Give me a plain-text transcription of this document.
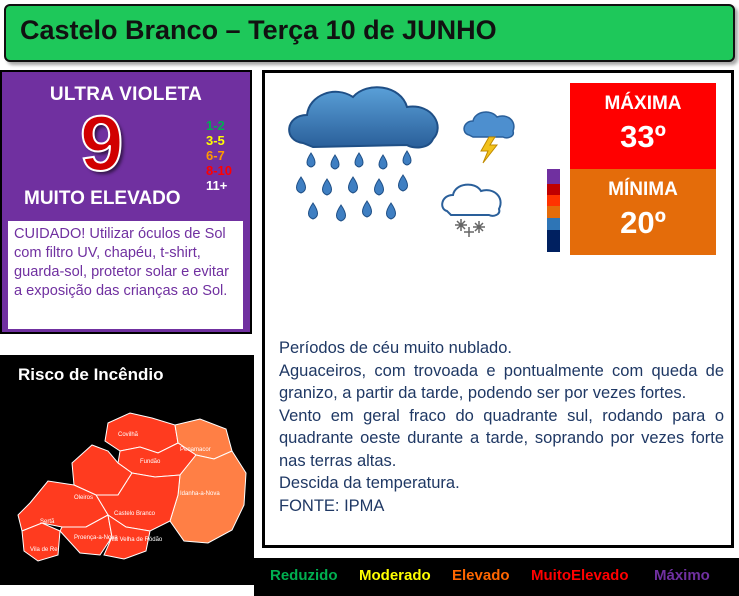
Castelo Branco – Terça 10 de JUNHO
ULTRA VIOLETA
9	1-2
3-5
6-7
8-10
11+
MUITO ELEVADO
CUIDADO! Utilizar óculos de Sol com filtro UV, chapéu, t-shirt, guarda-sol, protetor solar e evitar a exposição das crianças ao Sol.
Risco de Incêndio
Covilhã
Fundão
Penamacor
Idanha-a-Nova
Oleiros
Castelo Branco
Sertã
Vila de Rei
Proença-a-Nova
Vila Velha de Ródão
MÁXIMA
33º
MÍNIMA
20º

Períodos de céu muito nublado.

Aguaceiros, com trovoada e pontualmente com queda de granizo, a partir da tarde, podendo ser por vezes fortes.

Vento em geral fraco do quadrante sul, rodando para o quadrante oeste durante a tarde, soprando por vezes forte nas terras altas.

Descida da temperatura.

FONTE: IPMA

Reduzido Moderado Elevado MuitoElevado Máximo
